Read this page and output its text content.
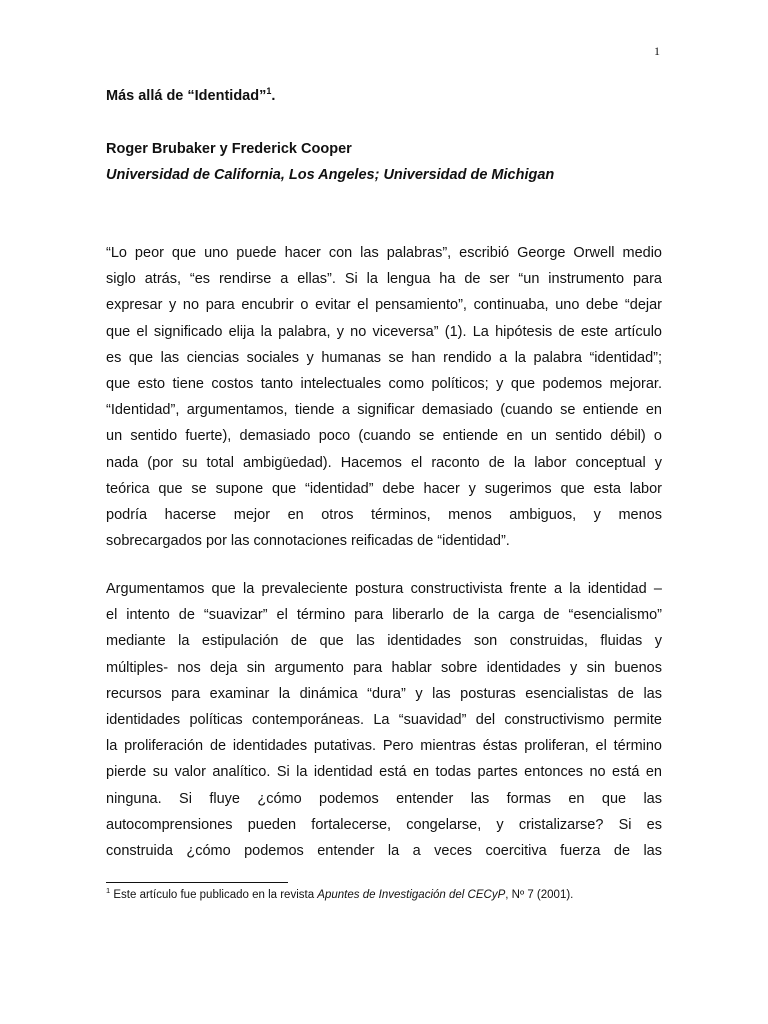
1
Más allá de “Identidad”$^1$.
Roger Brubaker y Frederick Cooper
Universidad de California, Los Angeles; Universidad de Michigan
“Lo peor que uno puede hacer con las palabras”, escribió George Orwell medio
siglo atrás, “es rendirse a ellas”. Si la lengua ha de ser “un instrumento para
expresar y no para encubrir o evitar el pensamiento”, continuaba, uno debe “dejar
que el significado elija la palabra, y no viceversa” (1). La hipótesis de este artículo
es que las ciencias sociales y humanas se han rendido a la palabra “identidad”;
que esto tiene costos tanto intelectuales como políticos; y que podemos mejorar.
“Identidad”, argumentamos, tiende a significar demasiado (cuando se entiende en
un sentido fuerte), demasiado poco (cuando se entiende en un sentido débil) o
nada (por su total ambigüedad). Hacemos el raconto de la labor conceptual y
teórica que se supone que “identidad” debe hacer y sugerimos que esta labor
podría hacerse mejor en otros términos, menos ambiguos, y menos
sobrecargados por las connotaciones reificadas de “identidad”.
Argumentamos que la prevaleciente postura constructivista frente a la identidad –
el intento de “suavizar” el término para liberarlo de la carga de “esencialismo”
mediante la estipulación de que las identidades son construidas, fluidas y
múltiples- nos deja sin argumento para hablar sobre identidades y sin buenos
recursos para examinar la dinámica “dura” y las posturas esencialistas de las
identidades políticas contemporáneas. La “suavidad” del constructivismo permite
la proliferación de identidades putativas. Pero mientras éstas proliferan, el término
pierde su valor analítico. Si la identidad está en todas partes entonces no está en
ninguna. Si fluye ¿cómo podemos entender las formas en que las
autocomprensiones pueden fortalecerse, congelarse, y cristalizarse? Si es
construida ¿cómo podemos entender la a veces coercitiva fuerza de las
$^1$ Este artículo fue publicado en la revista Apuntes de Investigación del CECyP, Nº 7 (2001).
